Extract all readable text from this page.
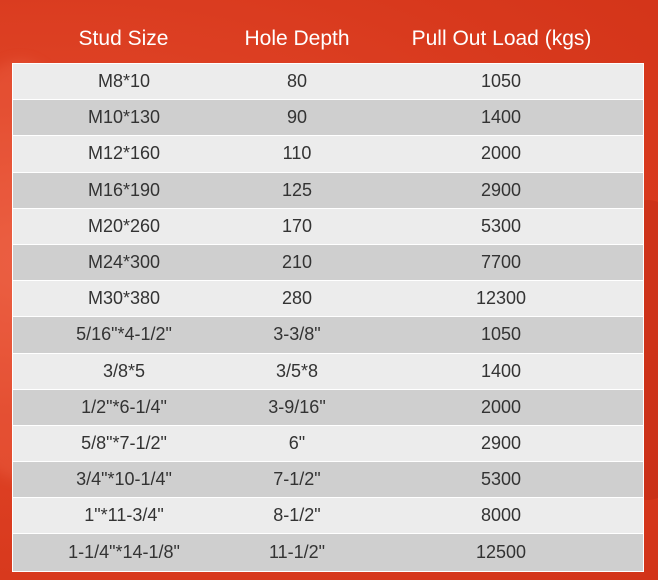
Stud Size	Hole Depth	Pull Out Load (kgs)
M8*10	80	1050
M10*130	90	1400
M12*160	110	2000
M16*190	125	2900
M20*260	170	5300
M24*300	210	7700
M30*380	280	12300
5/16"*4-1/2"	3-3/8"	1050
3/8*5	3/5*8	1400
1/2"*6-1/4"	3-9/16"	2000
5/8"*7-1/2"	6"	2900
3/4"*10-1/4"	7-1/2"	5300
1"*11-3/4"	8-1/2"	8000
1-1/4"*14-1/8"	11-1/2"	12500
